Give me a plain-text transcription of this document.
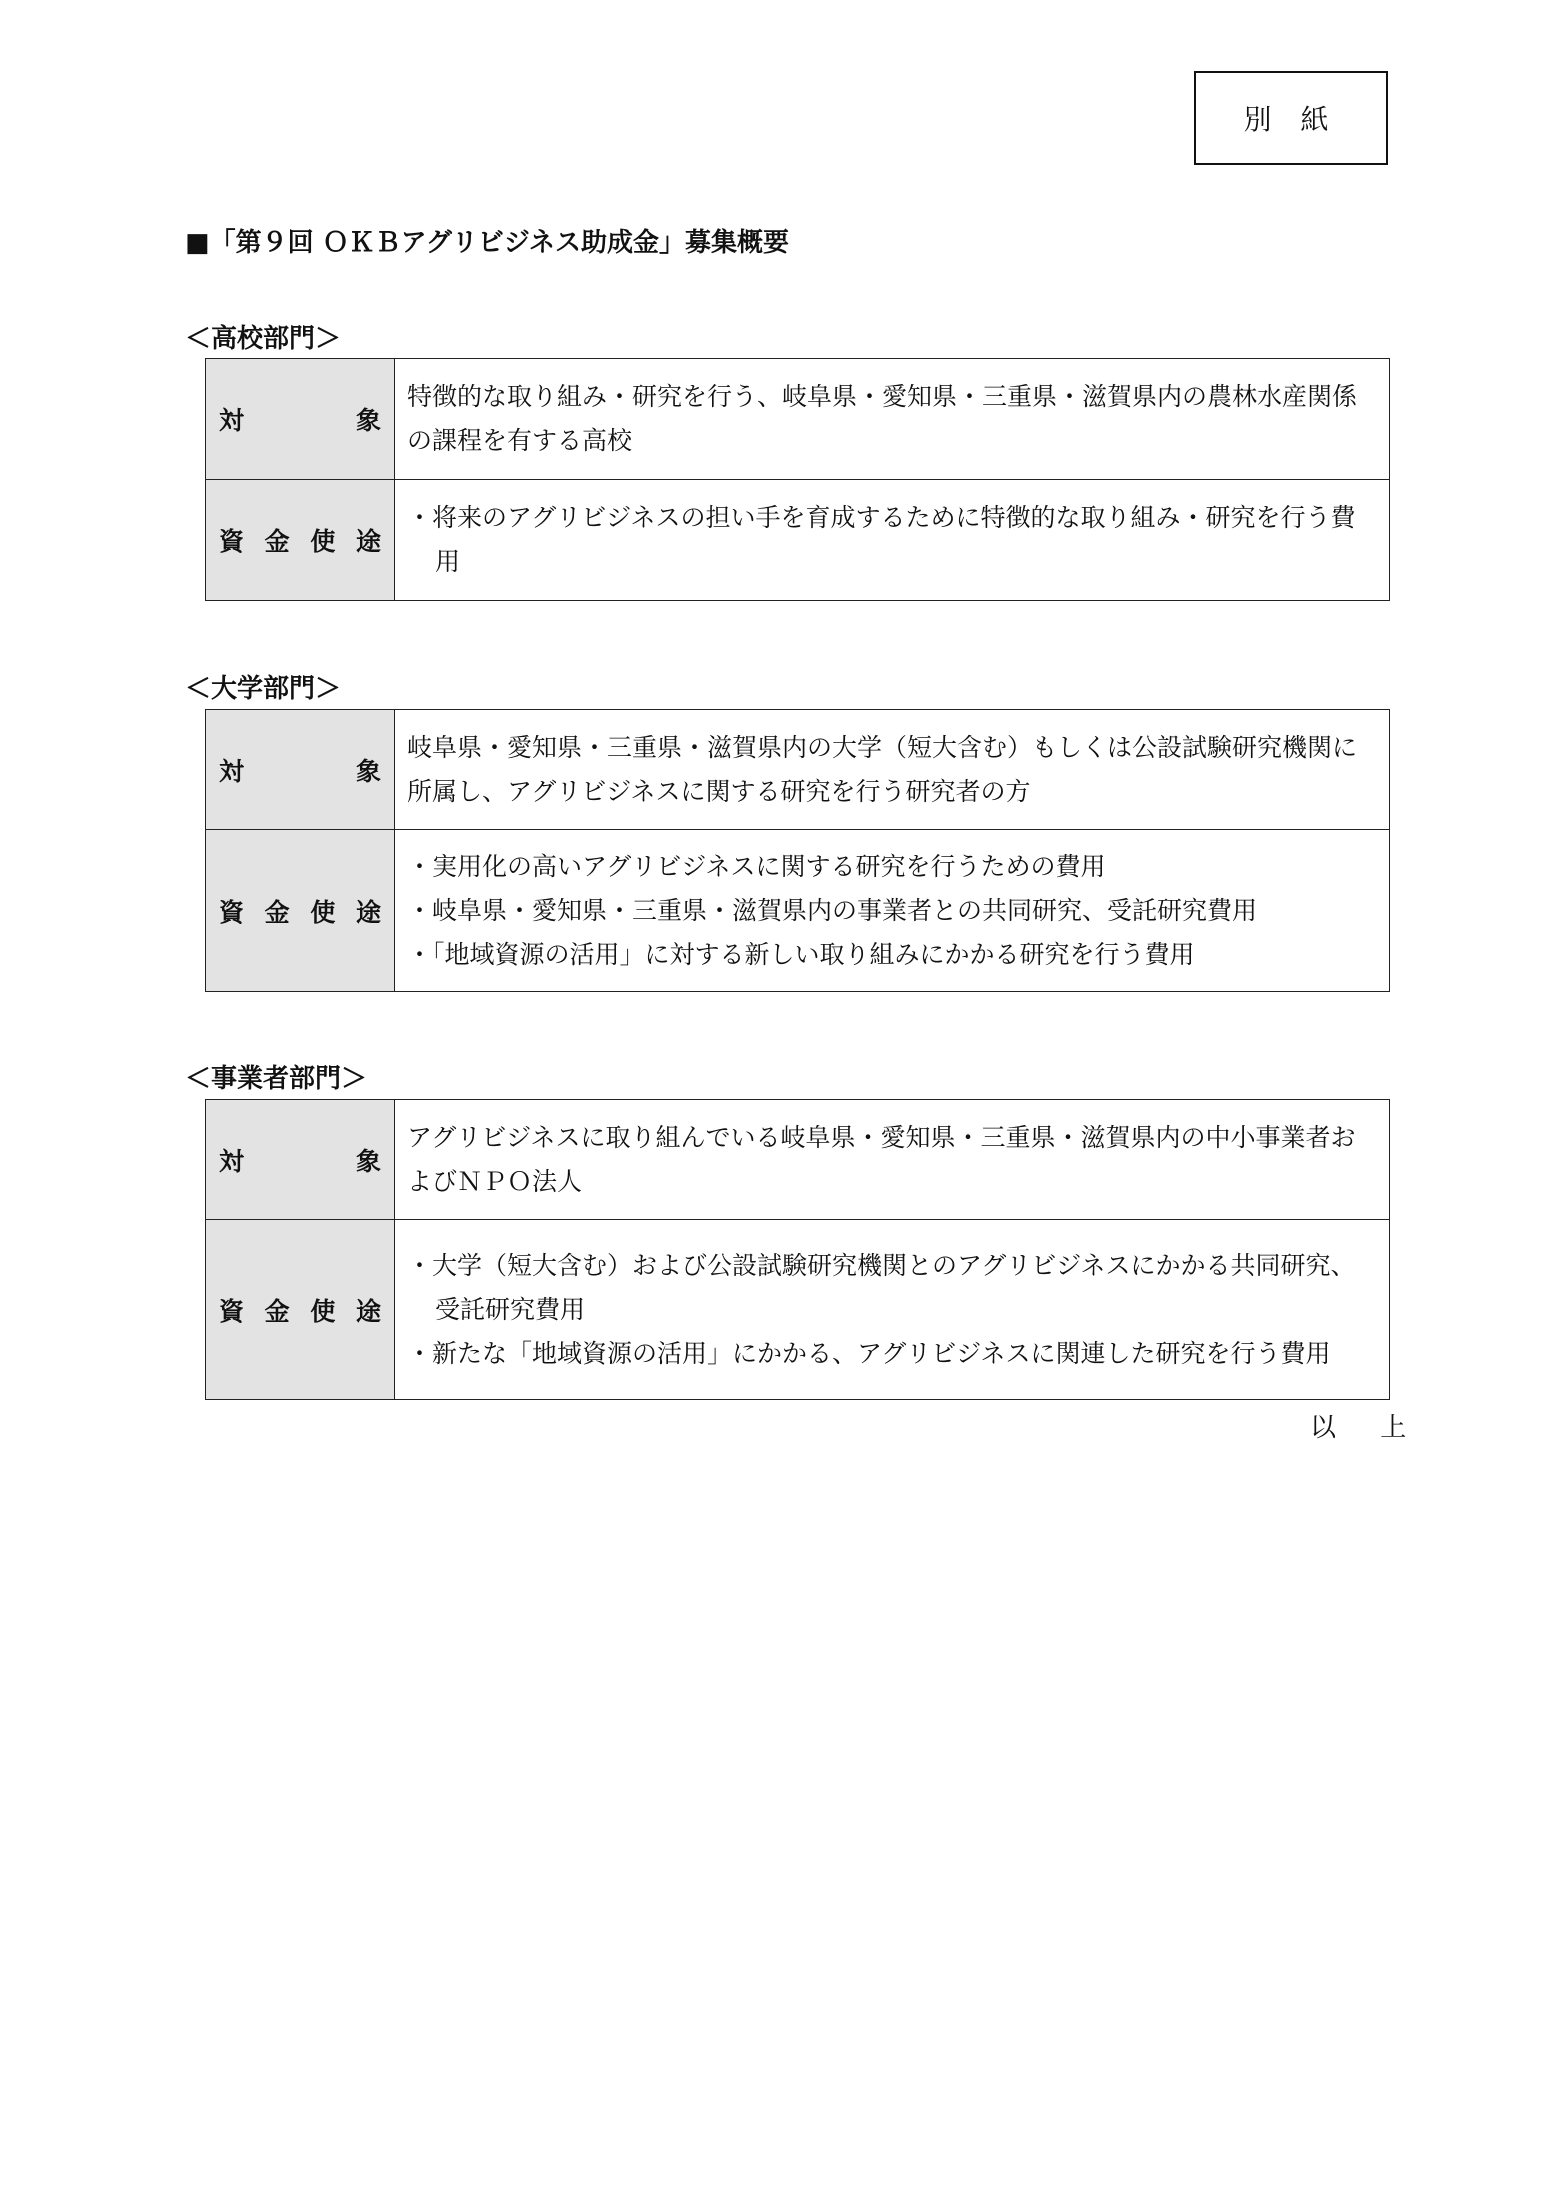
別 紙
■「第９回 ＯＫＢアグリビジネス助成金」募集概要
＜高校部門＞
対 象	特徴的な取り組み・研究を行う、岐阜県・愛知県・三重県・滋賀県内の農林水産関係の課程を有する高校

資 金 使 途	・将来のアグリビジネスの担い手を育成するために特徴的な取り組み・研究を行う費用
＜大学部門＞
対 象	岐阜県・愛知県・三重県・滋賀県内の大学（短大含む）もしくは公設試験研究機関に所属し、アグリビジネスに関する研究を行う研究者の方

資 金 使 途	・実用化の高いアグリビジネスに関する研究を行うための費用
・岐阜県・愛知県・三重県・滋賀県内の事業者との共同研究、受託研究費用
・「地域資源の活用」に対する新しい取り組みにかかる研究を行う費用
＜事業者部門＞
対 象	アグリビジネスに取り組んでいる岐阜県・愛知県・三重県・滋賀県内の中小事業者およびＮＰＯ法人

資 金 使 途	・大学（短大含む）および公設試験研究機関とのアグリビジネスにかかる共同研究、受託研究費用
・新たな「地域資源の活用」にかかる、アグリビジネスに関連した研究を行う費用
以 上
